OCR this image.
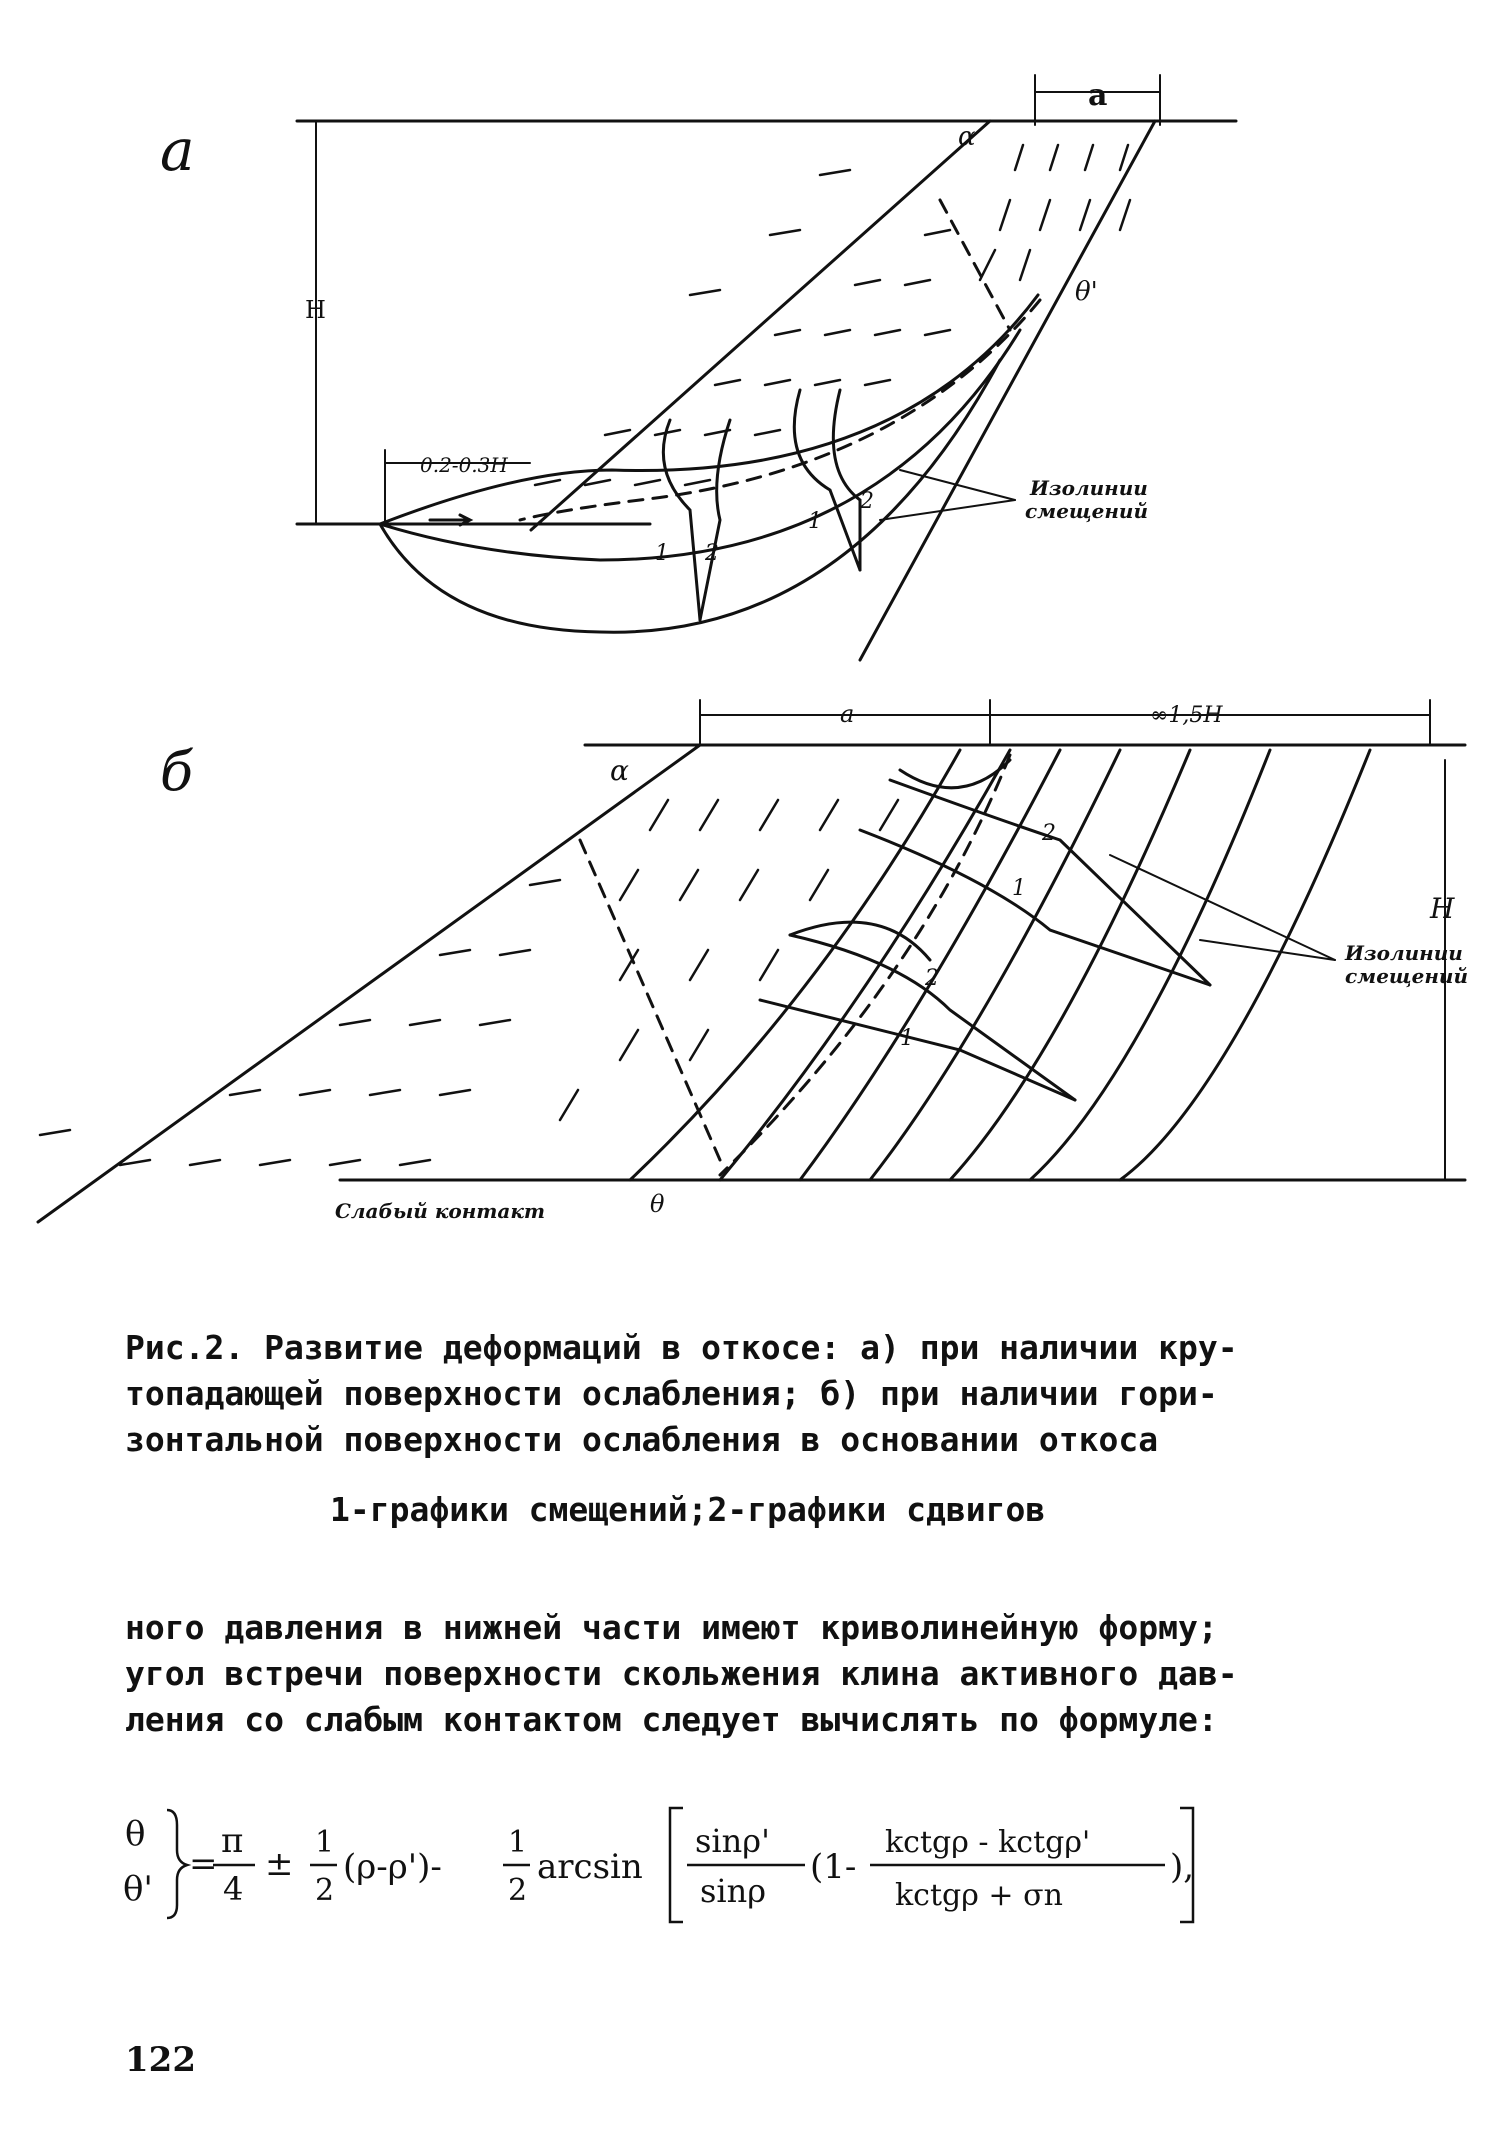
а
а
H
α
θ'
0.2-0.3H
Изолинии
смещений
1 2
1
2
б
a	∞1,5H
H
α
θ
Слабый контакт
Изолинии
смещений
2
1
2
1

Рис.2. Развитие деформаций в откосе: а) при наличии кру-

топадающей поверхности ослабления; б) при наличии гори-

зонтальной поверхности ослабления в основании откоса

1-графики смещений;2-графики сдвигов

ного давления в нижней части имеют криволинейную форму;

угол встречи поверхности скольжения клина активного дав-

ления со слабым контактом следует вычислять по формуле:

θ
θ'
=
π
4
±
1
2
(ρ-ρ')-
1
2
arcsin
sinρ'
sinρ
(1-
kctgρ - kctgρ'
kctgρ + σn
),
122
